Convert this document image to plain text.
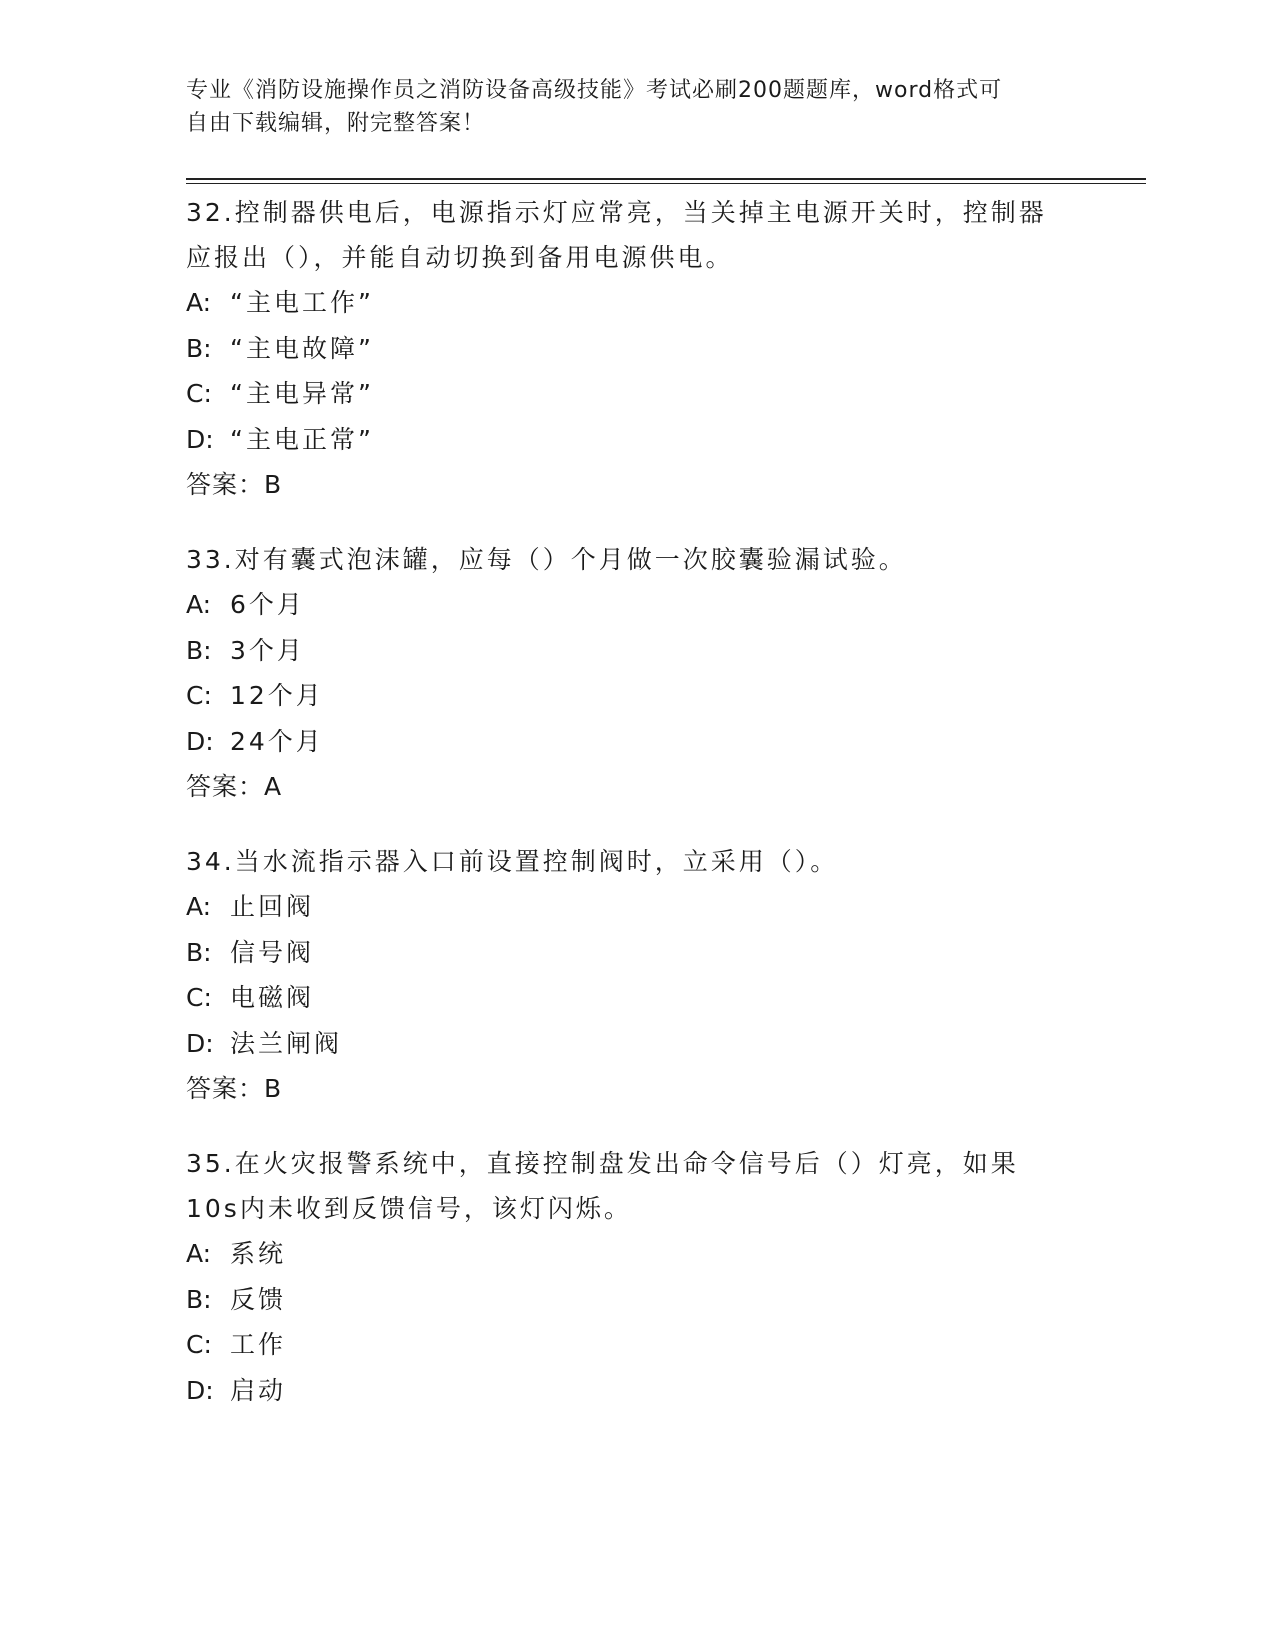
专业《消防设施操作员之消防设备高级技能》考试必刷200题题库，word格式可
自由下载编辑，附完整答案！
32.控制器供电后，电源指示灯应常亮，当关掉主电源开关时，控制器应报出（），并能自动切换到备用电源供电。
A: “主电工作”
B: “主电故障”
C: “主电异常”
D: “主电正常”
答案：B
33.对有囊式泡沫罐，应每（）个月做一次胶囊验漏试验。
A: 6个月
B: 3个月
C: 12个月
D: 24个月
答案：A
34.当水流指示器入口前设置控制阀时，立采用（）。
A: 止回阀
B: 信号阀
C: 电磁阀
D: 法兰闸阀
答案：B
35.在火灾报警系统中，直接控制盘发出命令信号后（）灯亮，如果10s内未收到反馈信号，该灯闪烁。
A: 系统
B: 反馈
C: 工作
D: 启动
